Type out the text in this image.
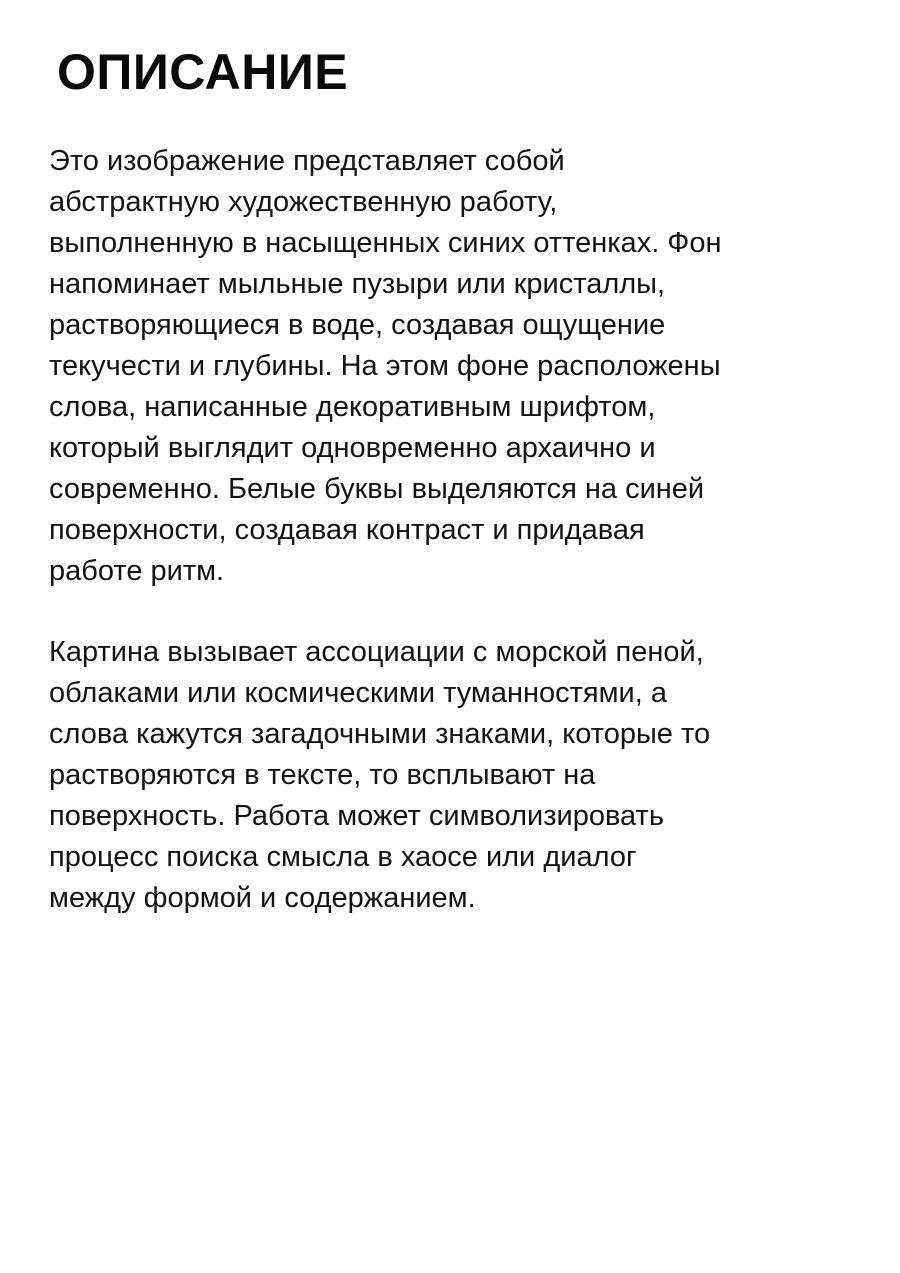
ОПИСАНИЕ

Это изображение представляет собой
абстрактную художественную работу,
выполненную в насыщенных синих оттенках. Фон
напоминает мыльные пузыри или кристаллы,
растворяющиеся в воде, создавая ощущение
текучести и глубины. На этом фоне расположены
слова, написанные декоративным шрифтом,
который выглядит одновременно архаично и
современно. Белые буквы выделяются на синей
поверхности, создавая контраст и придавая
работе ритм.

Картина вызывает ассоциации с морской пеной,
облаками или космическими туманностями, а
слова кажутся загадочными знаками, которые то
растворяются в тексте, то всплывают на
поверхность. Работа может символизировать
процесс поиска смысла в хаосе или диалог
между формой и содержанием.
